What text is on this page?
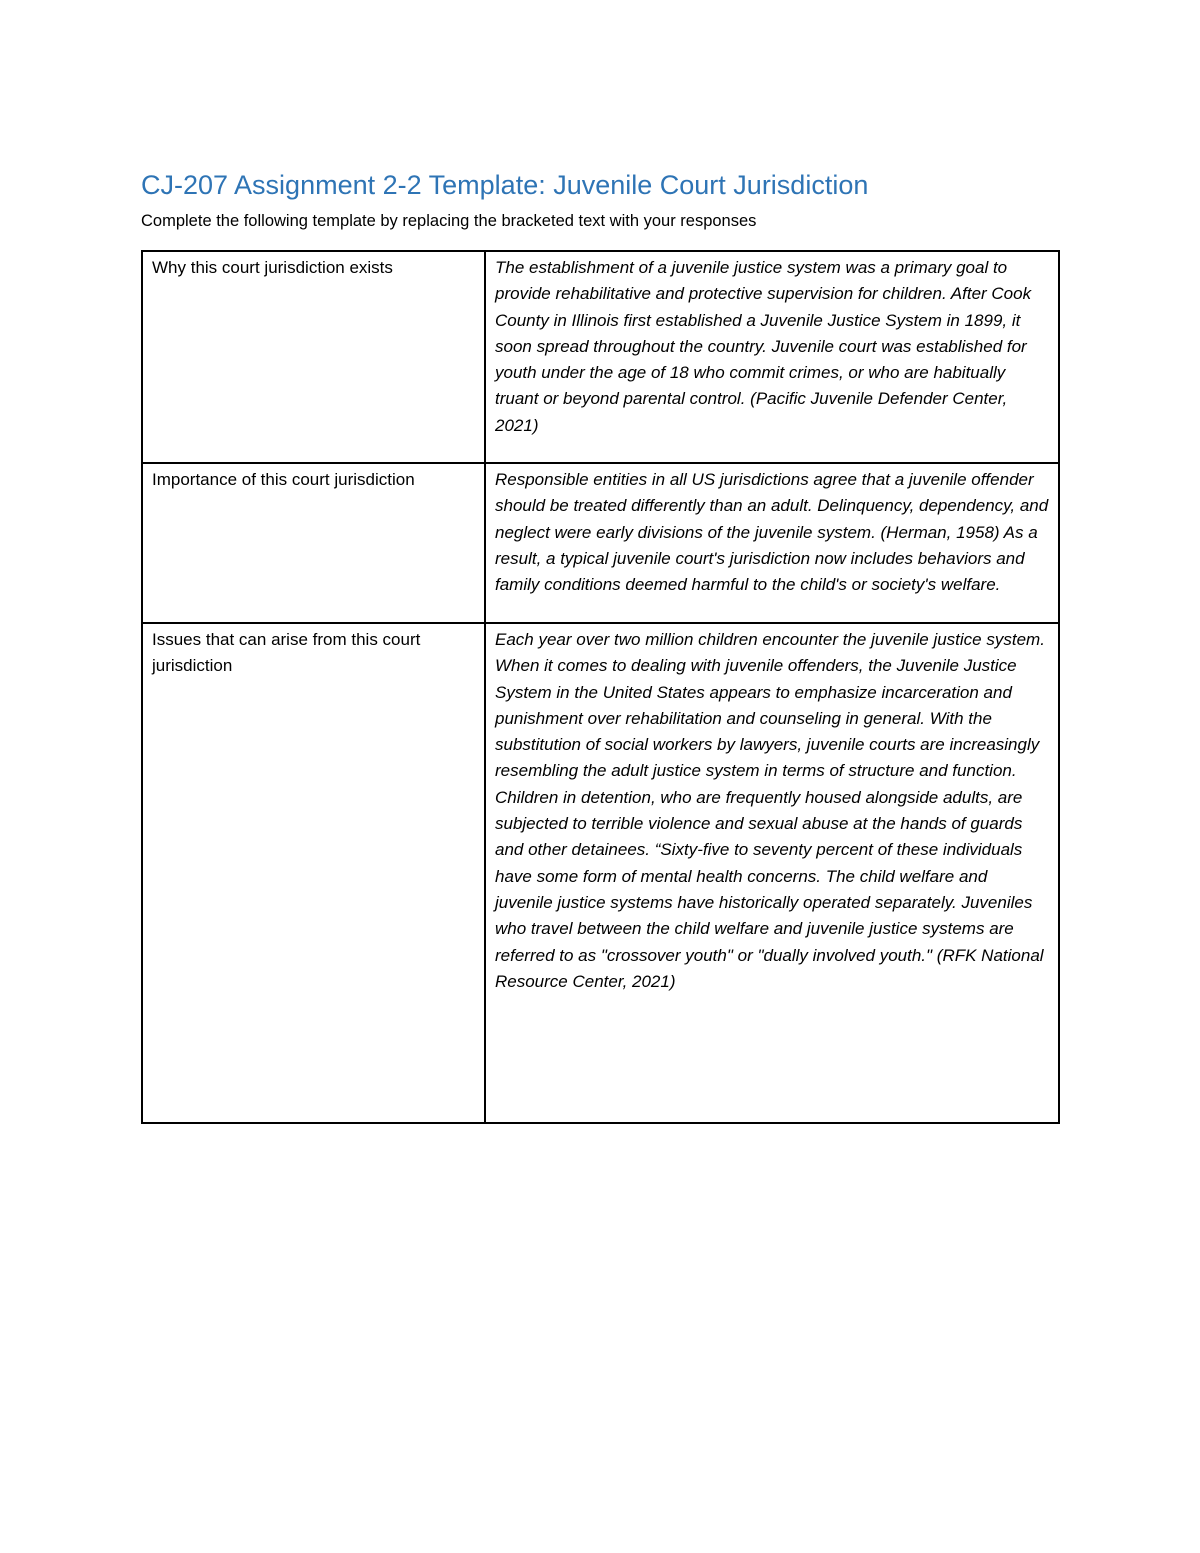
CJ-207 Assignment 2-2 Template: Juvenile Court Jurisdiction

Complete the following template by replacing the bracketed text with your responses

Why this court jurisdiction exists	The establishment of a juvenile justice system was a primary goal to provide rehabilitative and protective supervision for children. After Cook County in Illinois first established a Juvenile Justice System in 1899, it soon spread throughout the country. Juvenile court was established for youth under the age of 18 who commit crimes, or who are habitually truant or beyond parental control. (Pacific Juvenile Defender Center, 2021)
Importance of this court jurisdiction	Responsible entities in all US jurisdictions agree that a juvenile offender should be treated differently than an adult. Delinquency, dependency, and neglect were early divisions of the juvenile system. (Herman, 1958) As a result, a typical juvenile court's jurisdiction now includes behaviors and family conditions deemed harmful to the child's or society's welfare.
Issues that can arise from this court jurisdiction	Each year over two million children encounter the juvenile justice system. When it comes to dealing with juvenile offenders, the Juvenile Justice System in the United States appears to emphasize incarceration and punishment over rehabilitation and counseling in general. With the substitution of social workers by lawyers, juvenile courts are increasingly resembling the adult justice system in terms of structure and function. Children in detention, who are frequently housed alongside adults, are subjected to terrible violence and sexual abuse at the hands of guards and other detainees. “Sixty-five to seventy percent of these individuals have some form of mental health concerns. The child welfare and juvenile justice systems have historically operated separately. Juveniles who travel between the child welfare and juvenile justice systems are referred to as "crossover youth" or "dually involved youth." (RFK National Resource Center, 2021)
